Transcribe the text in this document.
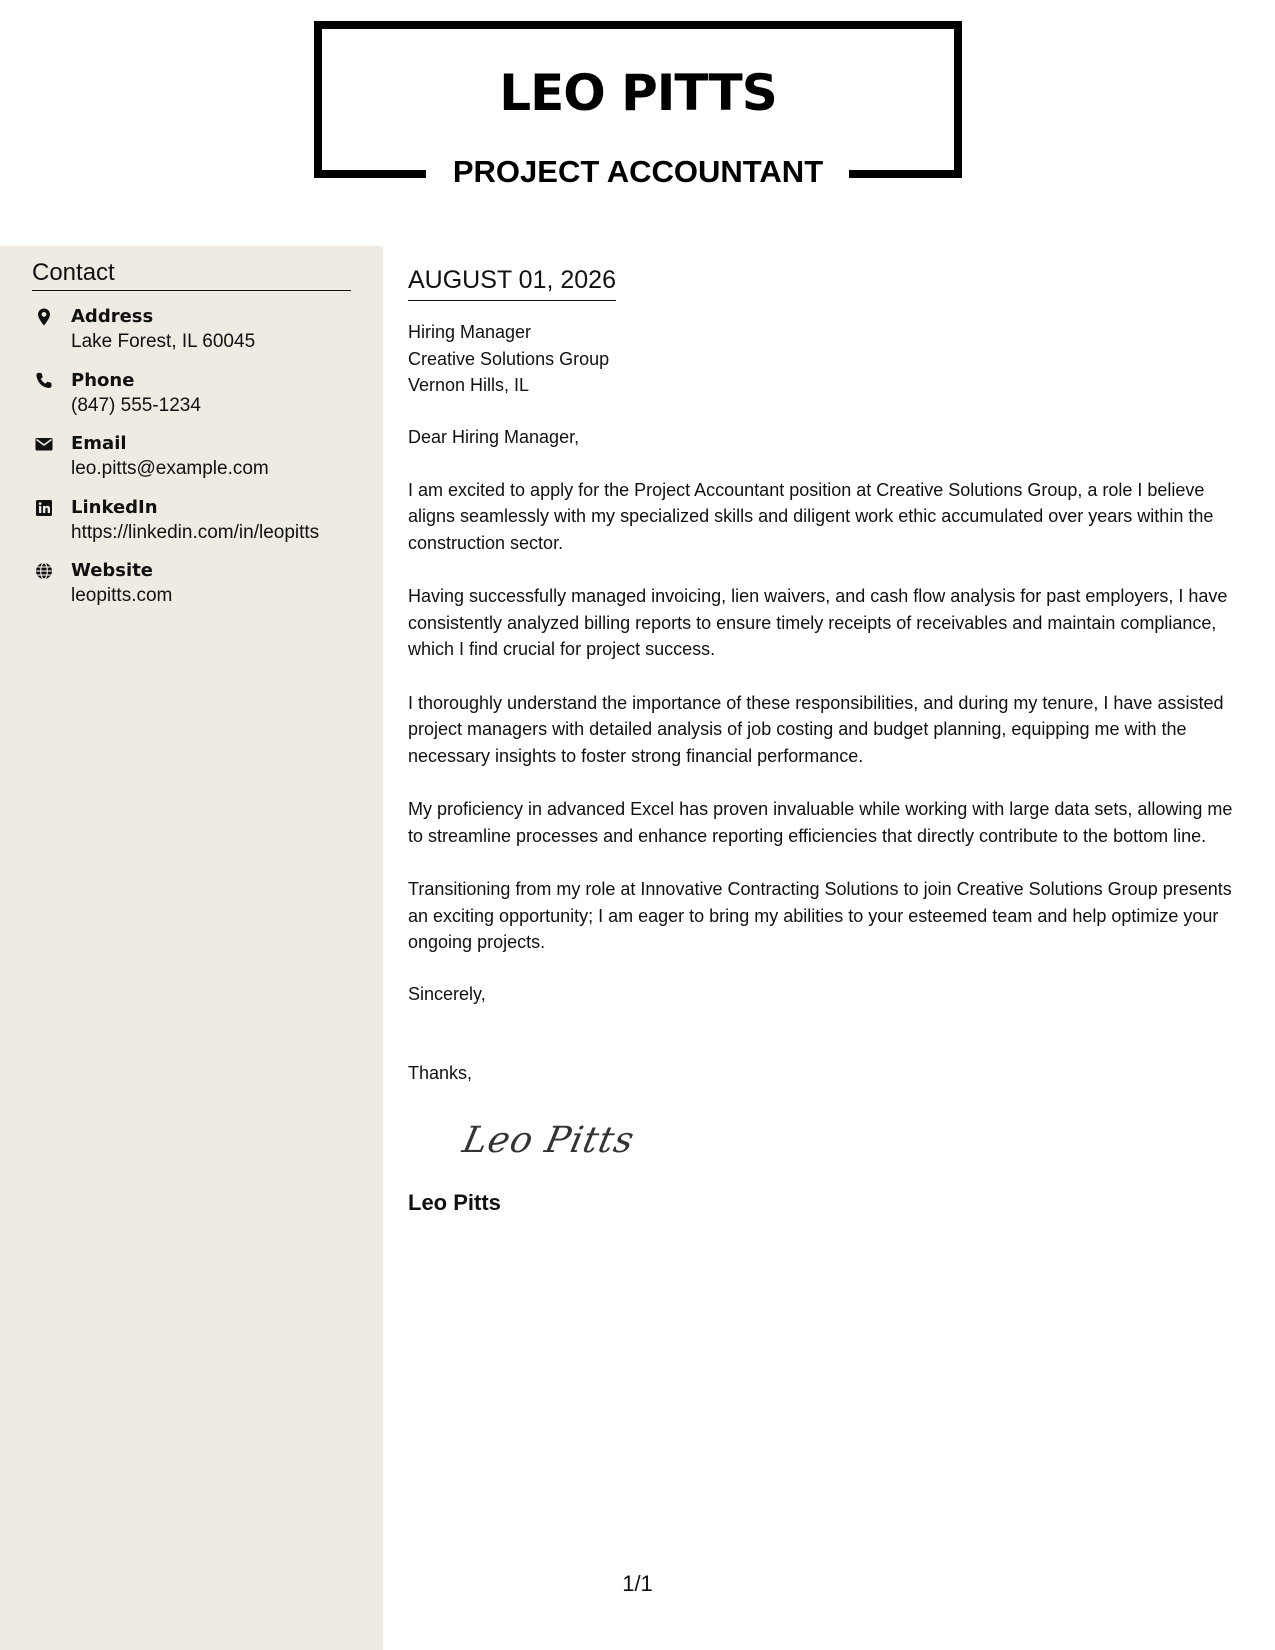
LEO PITTS
PROJECT ACCOUNTANT
Contact
Address
Lake Forest, IL 60045
Phone
(847) 555-1234
Email
leo.pitts@example.com
LinkedIn
https://linkedin.com/in/leopitts
Website
leopitts.com
AUGUST 01, 2026
Hiring Manager
Creative Solutions Group
Vernon Hills, IL
Dear Hiring Manager,

I am excited to apply for the Project Accountant position at Creative Solutions Group, a role I believe aligns seamlessly with my specialized skills and diligent work ethic accumulated over years within the construction sector.

Having successfully managed invoicing, lien waivers, and cash flow analysis for past employers, I have consistently analyzed billing reports to ensure timely receipts of receivables and maintain compliance, which I find crucial for project success.

I thoroughly understand the importance of these responsibilities, and during my tenure, I have assisted project managers with detailed analysis of job costing and budget planning, equipping me with the necessary insights to foster strong financial performance.

My proficiency in advanced Excel has proven invaluable while working with large data sets, allowing me to streamline processes and enhance reporting efficiencies that directly contribute to the bottom line.

Transitioning from my role at Innovative Contracting Solutions to join Creative Solutions Group presents an exciting opportunity; I am eager to bring my abilities to your esteemed team and help optimize your ongoing projects.

Sincerely,
Thanks,
Leo Pitts
Leo Pitts
1/1
